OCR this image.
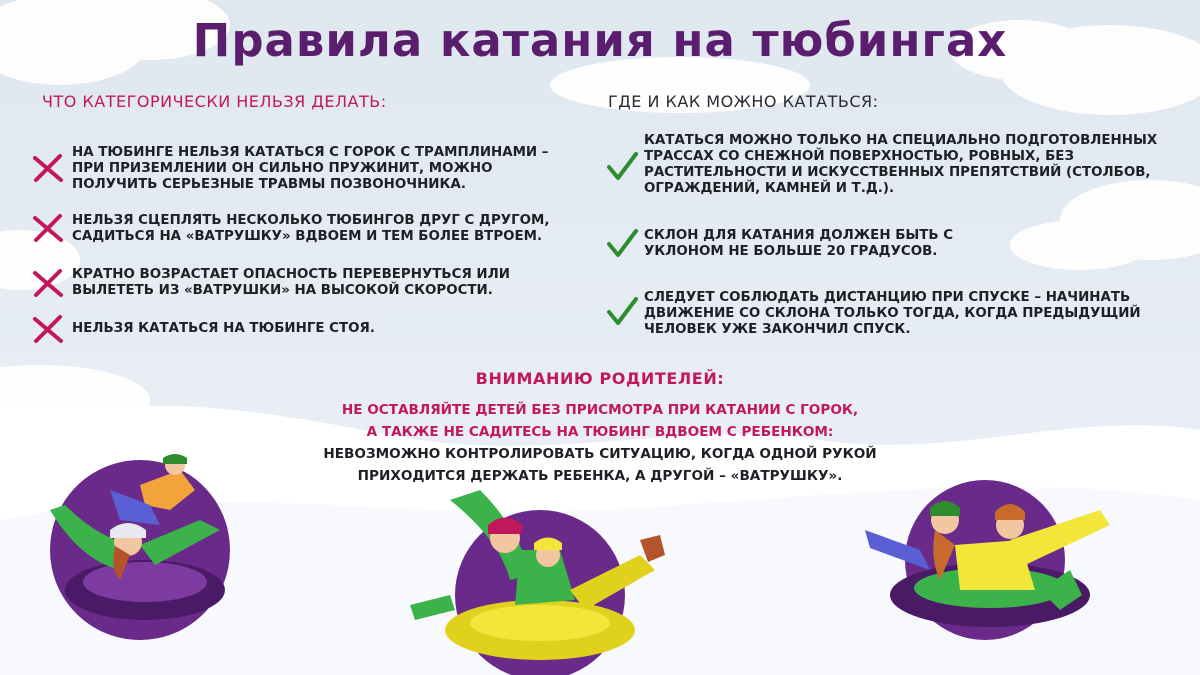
Правила катания на тюбингах
ЧТО КАТЕГОРИЧЕСКИ НЕЛЬЗЯ ДЕЛАТЬ:	ГДЕ И КАК МОЖНО КАТАТЬСЯ:
НА ТЮБИНГЕ НЕЛЬЗЯ КАТАТЬСЯ С ГОРОК С ТРАМПЛИНАМИ – ПРИ ПРИЗЕМЛЕНИИ ОН СИЛЬНО ПРУЖИНИТ, МОЖНО ПОЛУЧИТЬ СЕРЬЕЗНЫЕ ТРАВМЫ ПОЗВОНОЧНИКА.
НЕЛЬЗЯ СЦЕПЛЯТЬ НЕСКОЛЬКО ТЮБИНГОВ ДРУГ С ДРУГОМ, САДИТЬСЯ НА «ВАТРУШКУ» ВДВОЕМ И ТЕМ БОЛЕЕ ВТРОЕМ.
КРАТНО ВОЗРАСТАЕТ ОПАСНОСТЬ ПЕРЕВЕРНУТЬСЯ ИЛИ ВЫЛЕТЕТЬ ИЗ «ВАТРУШКИ» НА ВЫСОКОЙ СКОРОСТИ.
НЕЛЬЗЯ КАТАТЬСЯ НА ТЮБИНГЕ СТОЯ.
КАТАТЬСЯ МОЖНО ТОЛЬКО НА СПЕЦИАЛЬНО ПОДГОТОВЛЕННЫХ ТРАССАХ СО СНЕЖНОЙ ПОВЕРХНОСТЬЮ, РОВНЫХ, БЕЗ РАСТИТЕЛЬНОСТИ И ИСКУССТВЕННЫХ ПРЕПЯТСТВИЙ (СТОЛБОВ, ОГРАЖДЕНИЙ, КАМНЕЙ И Т.Д.).
СКЛОН ДЛЯ КАТАНИЯ ДОЛЖЕН БЫТЬ С УКЛОНОМ НЕ БОЛЬШЕ 20 ГРАДУСОВ.
СЛЕДУЕТ СОБЛЮДАТЬ ДИСТАНЦИЮ ПРИ СПУСКЕ – НАЧИНАТЬ ДВИЖЕНИЕ СО СКЛОНА ТОЛЬКО ТОГДА, КОГДА ПРЕДЫДУЩИЙ ЧЕЛОВЕК УЖЕ ЗАКОНЧИЛ СПУСК.
ВНИМАНИЮ РОДИТЕЛЕЙ:
НЕ ОСТАВЛЯЙТЕ ДЕТЕЙ БЕЗ ПРИСМОТРА ПРИ КАТАНИИ С ГОРОК,
А ТАКЖЕ НЕ САДИТЕСЬ НА ТЮБИНГ ВДВОЕМ С РЕБЕНКОМ:
НЕВОЗМОЖНО КОНТРОЛИРОВАТЬ СИТУАЦИЮ, КОГДА ОДНОЙ РУКОЙ
ПРИХОДИТСЯ ДЕРЖАТЬ РЕБЕНКА, А ДРУГОЙ – «ВАТРУШКУ».
